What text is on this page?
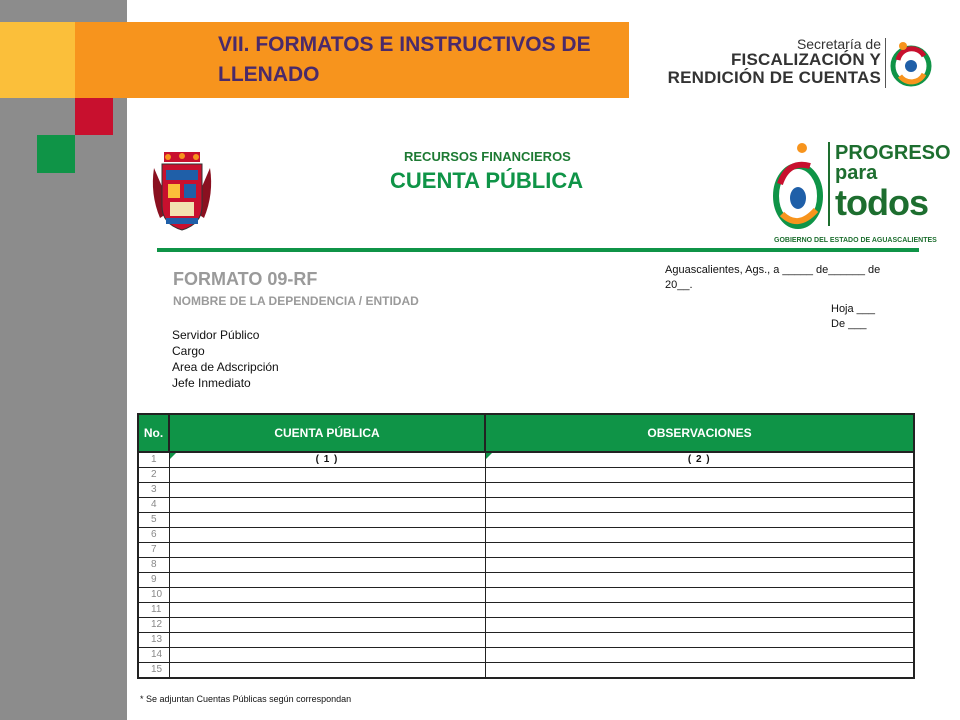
VII. FORMATOS E INSTRUCTIVOS DE LLENADO
Secretaría de
FISCALIZACIÓN Y
RENDICIÓN DE CUENTAS
RECURSOS FINANCIEROS
CUENTA PÚBLICA
PROGRESO
para
todos
GOBIERNO DEL ESTADO DE AGUASCALIENTES
FORMATO 09-RF
NOMBRE DE LA DEPENDENCIA / ENTIDAD
Servidor Público
Cargo
Area de Adscripción
Jefe Inmediato
Aguascalientes, Ags., a _____ de______ de
20__.
Hoja ___
De ___
No.	CUENTA PÚBLICA	OBSERVACIONES
1	( 1 )	( 2 )
2		
3		
4		
5		
6		
7		
8		
9		
10		
11		
12		
13		
14		
15		
* Se adjuntan Cuentas Públicas según correspondan
